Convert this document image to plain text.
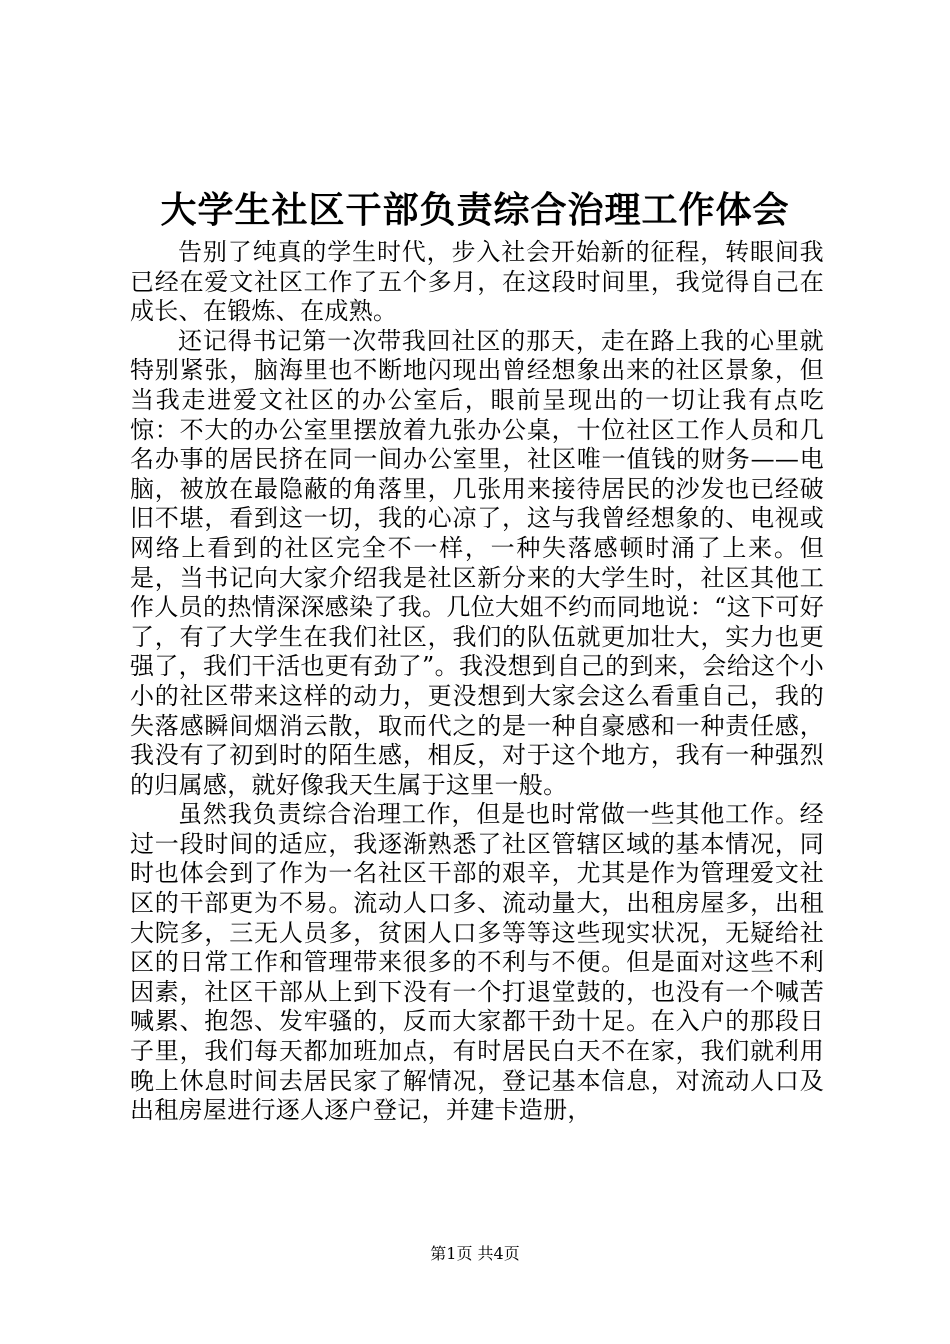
大学生社区干部负责综合治理工作体会

告别了纯真的学生时代，步入社会开始新的征程，转眼间我已经在爱文社区工作了五个多月，在这段时间里，我觉得自己在成长、在锻炼、在成熟。

还记得书记第一次带我回社区的那天，走在路上我的心里就特别紧张，脑海里也不断地闪现出曾经想象出来的社区景象，但当我走进爱文社区的办公室后，眼前呈现出的一切让我有点吃惊：不大的办公室里摆放着九张办公桌，十位社区工作人员和几名办事的居民挤在同一间办公室里，社区唯一值钱的财务——电脑，被放在最隐蔽的角落里，几张用来接待居民的沙发也已经破旧不堪，看到这一切，我的心凉了，这与我曾经想象的、电视或网络上看到的社区完全不一样，一种失落感顿时涌了上来。但是，当书记向大家介绍我是社区新分来的大学生时，社区其他工作人员的热情深深感染了我。几位大姐不约而同地说：“这下可好了，有了大学生在我们社区，我们的队伍就更加壮大，实力也更强了，我们干活也更有劲了”。我没想到自己的到来，会给这个小小的社区带来这样的动力，更没想到大家会这么看重自己，我的失落感瞬间烟消云散，取而代之的是一种自豪感和一种责任感，我没有了初到时的陌生感，相反，对于这个地方，我有一种强烈的归属感，就好像我天生属于这里一般。

虽然我负责综合治理工作，但是也时常做一些其他工作。经过一段时间的适应，我逐渐熟悉了社区管辖区域的基本情况，同时也体会到了作为一名社区干部的艰辛，尤其是作为管理爱文社区的干部更为不易。流动人口多、流动量大，出租房屋多，出租大院多，三无人员多，贫困人口多等等这些现实状况，无疑给社区的日常工作和管理带来很多的不利与不便。但是面对这些不利因素，社区干部从上到下没有一个打退堂鼓的，也没有一个喊苦喊累、抱怨、发牢骚的，反而大家都干劲十足。在入户的那段日子里，我们每天都加班加点，有时居民白天不在家，我们就利用晚上休息时间去居民家了解情况，登记基本信息，对流动人口及出租房屋进行逐人逐户登记，并建卡造册，

第1页 共4页
